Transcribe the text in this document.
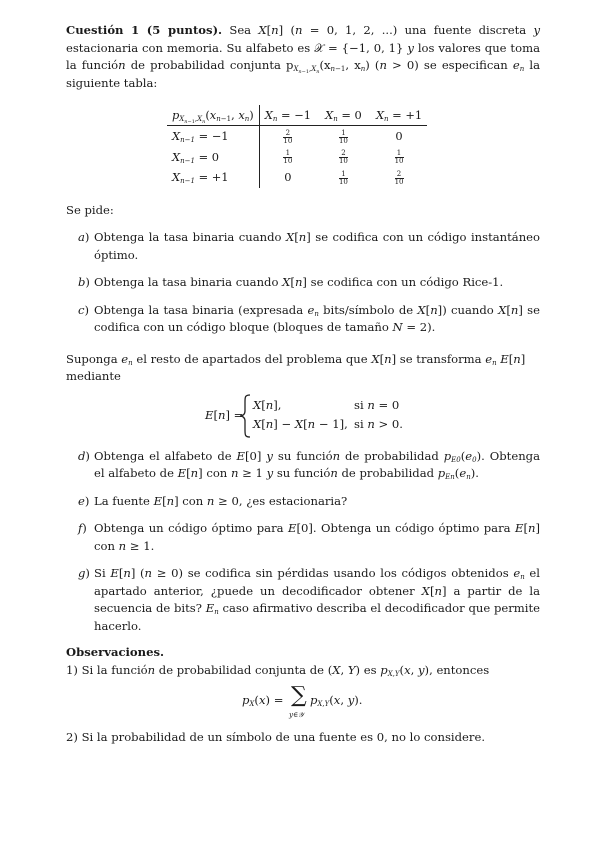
Cuestión 1 (5 puntos). Sea X[n] (n = 0, 1, 2, ...) una fuente discreta y estacionaria con memoria. Su alfabeto es 𝒳 = {−1, 0, 1} y los valores que toma la función de probabilidad conjunta $p_{X_{n-1},X_n}(x_{n-1}$, $x_n$) (n > 0) se especifican $e_n$ la siguiente tabla:
$p_{X_{n-1},X_n}(x_{n-1}$, $x_n$)	$X_n = -1$	$X_n = 0$	$X_n = +1$
$X_{n-1} = -1$	$\frac{2}{10}$	$\frac{1}{10}$	0
$X_{n-1} = 0$	$\frac{1}{10}$	$\frac{2}{10}$	$\frac{1}{10}$

$X_{n-1} = +1$	0	$\frac{1}{10}$	$\frac{2}{10}$
Se pide:
a) Obtenga la tasa binaria cuando X[n] se codifica con un código instantáneo óptimo.
b) Obtenga la tasa binaria cuando X[n] se codifica con un código Rice-1.
c) Obtenga la tasa binaria (expresada $e_n$ bits/símbolo de X[n]) cuando X[n] se codifica con un código bloque (bloques de tamaño N = 2).
Suponga $e_n$ el resto de apartados del problema que X[n] se transforma $e_n$ E[n] mediante
E[n] =
X[n],	si n = 0
X[n] − X[n − 1], si n > 0.
d) Obtenga el alfabeto de E[0] y su función de probabilidad $p_{E0}(e_0)$. Obtenga el alfabeto de E[n] con n ≥ 1 y su función de probabilidad $p_{En}(e_n)$.
e) La fuente E[n] con n ≥ 0, ¿es estacionaria?
f) Obtenga un código óptimo para E[0]. Obtenga un código óptimo para E[n] con n ≥ 1.
g) Si E[n] (n ≥ 0) se codifica sin pérdidas usando los códigos obtenidos $e_n$ el apartado anterior, ¿puede un decodificador obtener X[n] a partir de la secuencia de bits? $E_n$ caso afirmativo describa el decodificador que permite hacerlo.
Observaciones.
1) Si la función de probabilidad conjunta de (X, Y) es $p_{X,Y}(x$, y), entonces
$p_X(x)$ = ∑
y∈𝒴
$p_{X,Y}(x$, y).
2) Si la probabilidad de un símbolo de una fuente es 0, no lo considere.
